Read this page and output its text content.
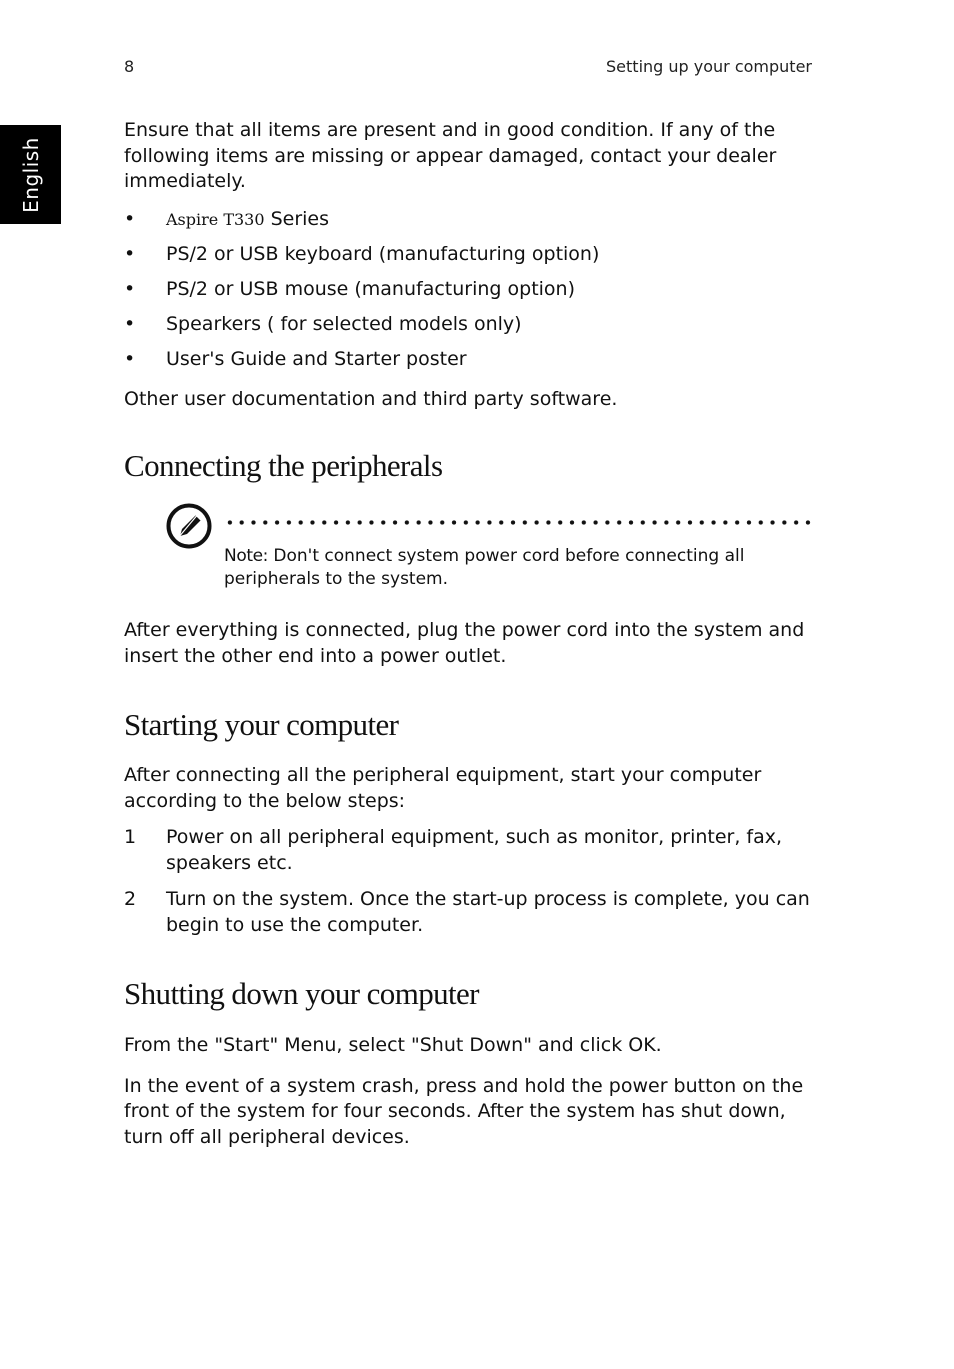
8	Setting up your computer
English

Ensure that all items are present and in good condition. If any of the following items are missing or appear damaged, contact your dealer immediately.

• Aspire T330 Series
• PS/2 or USB keyboard (manufacturing option)
• PS/2 or USB mouse (manufacturing option)
• Spearkers ( for selected models only)
• User's Guide and Starter poster

Other user documentation and third party software.

Connecting the peripherals
Note: Don't connect system power cord before connecting all peripherals to the system.

After everything is connected, plug the power cord into the system and insert the other end into a power outlet.

Starting your computer

After connecting all the peripheral equipment, start your computer according to the below steps:

1 Power on all peripheral equipment, such as monitor, printer, fax, speakers etc.
2 Turn on the system. Once the start-up process is complete, you can begin to use the computer.
Shutting down your computer

From the "Start" Menu, select "Shut Down" and click OK.

In the event of a system crash, press and hold the power button on the front of the system for four seconds. After the system has shut down, turn off all peripheral devices.
